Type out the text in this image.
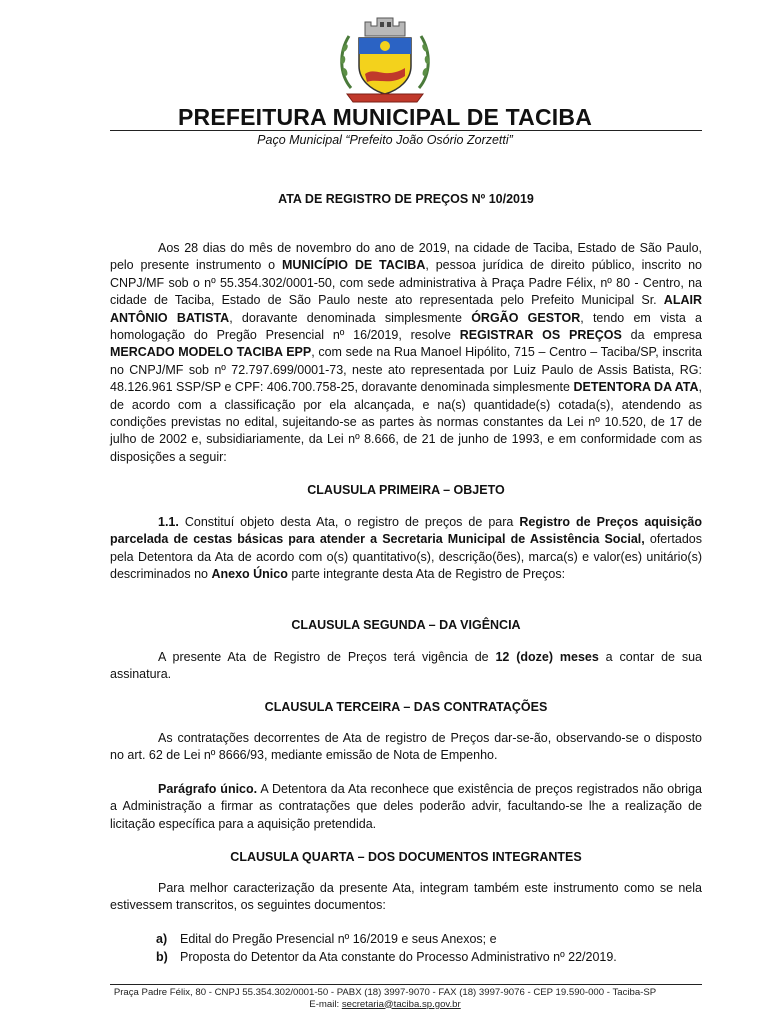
PREFEITURA MUNICIPAL DE TACIBA
Paço Municipal “Prefeito João Osório Zorzetti”
ATA DE REGISTRO DE PREÇOS Nº 10/2019
Aos 28 dias do mês de novembro do ano de 2019, na cidade de Taciba, Estado de São Paulo, pelo presente instrumento o MUNICÍPIO DE TACIBA, pessoa jurídica de direito público, inscrito no CNPJ/MF sob o nº 55.354.302/0001-50, com sede administrativa à Praça Padre Félix, nº 80 - Centro, na cidade de Taciba, Estado de São Paulo neste ato representada pelo Prefeito Municipal Sr. ALAIR ANTÔNIO BATISTA, doravante denominada simplesmente ÓRGÃO GESTOR, tendo em vista a homologação do Pregão Presencial nº 16/2019, resolve REGISTRAR OS PREÇOS da empresa MERCADO MODELO TACIBA EPP, com sede na Rua Manoel Hipólito, 715 – Centro – Taciba/SP, inscrita no CNPJ/MF sob nº 72.797.699/0001-73, neste ato representada por Luiz Paulo de Assis Batista, RG: 48.126.961 SSP/SP e CPF: 406.700.758-25, doravante denominada simplesmente DETENTORA DA ATA, de acordo com a classificação por ela alcançada, e na(s) quantidade(s) cotada(s), atendendo as condições previstas no edital, sujeitando-se as partes às normas constantes da Lei nº 10.520, de 17 de julho de 2002 e, subsidiariamente, da Lei nº 8.666, de 21 de junho de 1993, e em conformidade com as disposições a seguir:
CLAUSULA PRIMEIRA – OBJETO
1.1. Constituí objeto desta Ata, o registro de preços de para Registro de Preços aquisição parcelada de cestas básicas para atender a Secretaria Municipal de Assistência Social, ofertados pela Detentora da Ata de acordo com o(s) quantitativo(s), descrição(ões), marca(s) e valor(es) unitário(s) descriminados no Anexo Único parte integrante desta Ata de Registro de Preços:
CLAUSULA SEGUNDA – DA VIGÊNCIA
A presente Ata de Registro de Preços terá vigência de 12 (doze) meses a contar de sua assinatura.
CLAUSULA TERCEIRA – DAS CONTRATAÇÕES
As contratações decorrentes de Ata de registro de Preços dar-se-ão, observando-se o disposto no art. 62 de Lei nº 8666/93, mediante emissão de Nota de Empenho.
Parágrafo único. A Detentora da Ata reconhece que existência de preços registrados não obriga a Administração a firmar as contratações que deles poderão advir, facultando-se lhe a realização de licitação específica para a aquisição pretendida.
CLAUSULA QUARTA – DOS DOCUMENTOS INTEGRANTES
Para melhor caracterização da presente Ata, integram também este instrumento como se nela estivessem transcritos, os seguintes documentos:
a)	Edital do Pregão Presencial nº 16/2019 e seus Anexos; e
b) Proposta do Detentor da Ata constante do Processo Administrativo nº 22/2019.
Praça Padre Félix, 80 - CNPJ 55.354.302/0001-50 - PABX (18) 3997-9070 - FAX (18) 3997-9076 - CEP 19.590-000 - Taciba-SP
E-mail: secretaria@taciba.sp.gov.br
